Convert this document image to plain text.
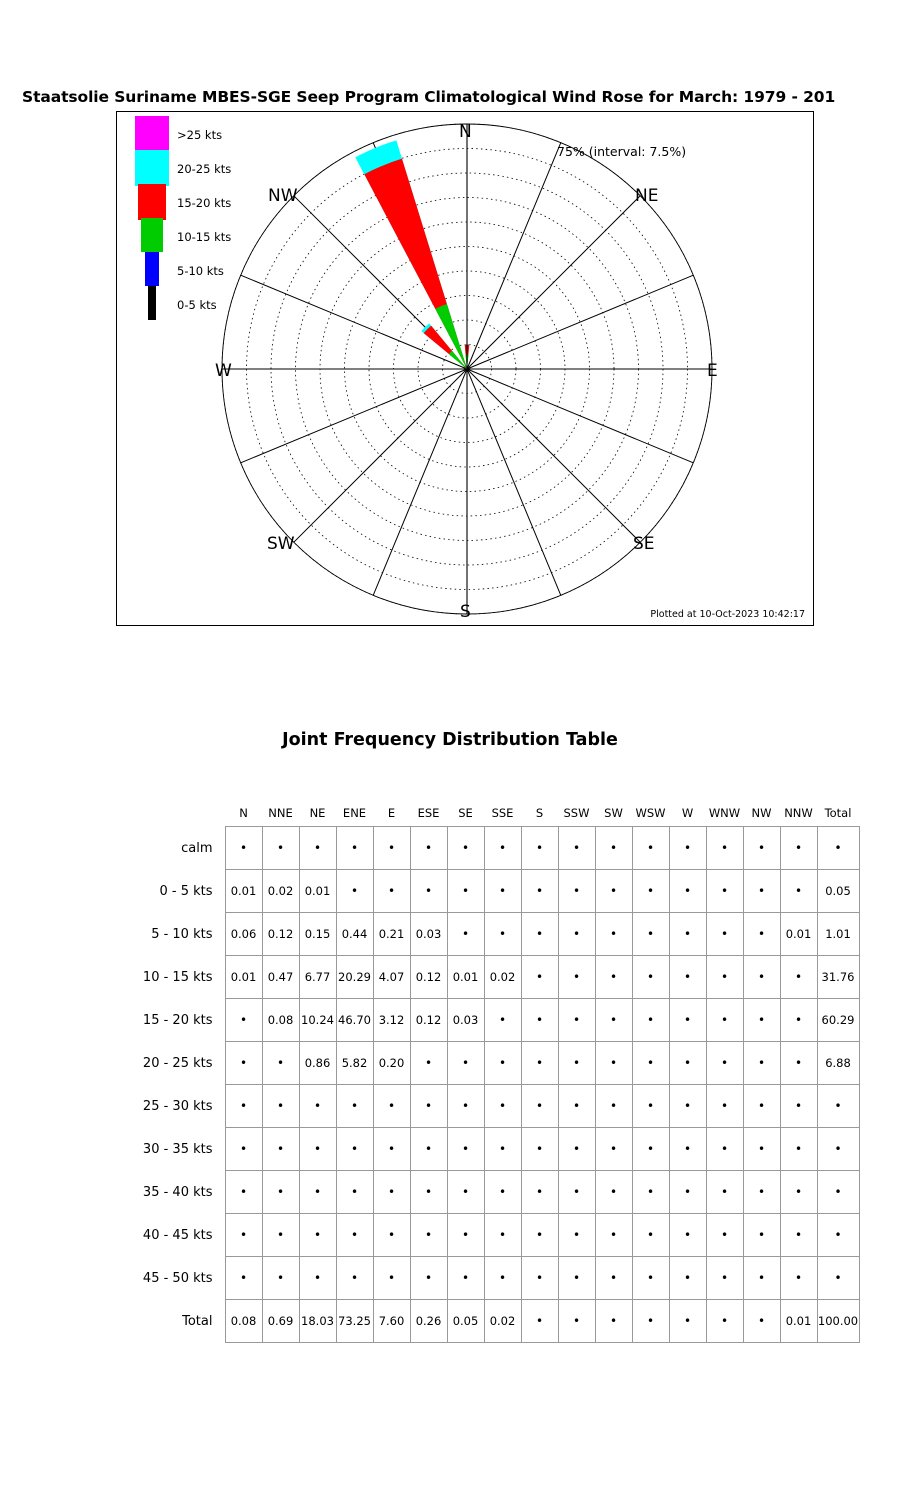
Staatsolie Suriname MBES-SGE Seep Program Climatological Wind Rose for March: 1979 - 201
>25 kts
20-25 kts
15-20 kts
10-15 kts
5-10 kts
0-5 kts
N
NE
E
SE
S
SW
W
NW
75% (interval: 7.5%)
Plotted at 10-Oct-2023 10:42:17
Joint Frequency Distribution Table
	N	NNE	NE	ENE	E	ESE	SE	SSE	S	SSW	SW	WSW	W	WNW	NW	NNW	Total
calm	•	•	•	•	•	•	•	•	•	•	•	•	•	•	•	•	•
0 - 5 kts	0.01	0.02	0.01	•	•	•	•	•	•	•	•	•	•	•	•	•	0.05
5 - 10 kts	0.06	0.12	0.15	0.44	0.21	0.03	•	•	•	•	•	•	•	•	•	0.01	1.01
10 - 15 kts	0.01	0.47	6.77	20.29	4.07	0.12	0.01	0.02	•	•	•	•	•	•	•	•	31.76
15 - 20 kts	•	0.08	10.24	46.70	3.12	0.12	0.03	•	•	•	•	•	•	•	•	•	60.29
20 - 25 kts	•	•	0.86	5.82	0.20	•	•	•	•	•	•	•	•	•	•	•	6.88
25 - 30 kts	•	•	•	•	•	•	•	•	•	•	•	•	•	•	•	•	•
30 - 35 kts	•	•	•	•	•	•	•	•	•	•	•	•	•	•	•	•	•
35 - 40 kts	•	•	•	•	•	•	•	•	•	•	•	•	•	•	•	•	•
40 - 45 kts	•	•	•	•	•	•	•	•	•	•	•	•	•	•	•	•	•
45 - 50 kts	•	•	•	•	•	•	•	•	•	•	•	•	•	•	•	•	•
Total	0.08	0.69	18.03	73.25	7.60	0.26	0.05	0.02	•	•	•	•	•	•	•	0.01	100.00
